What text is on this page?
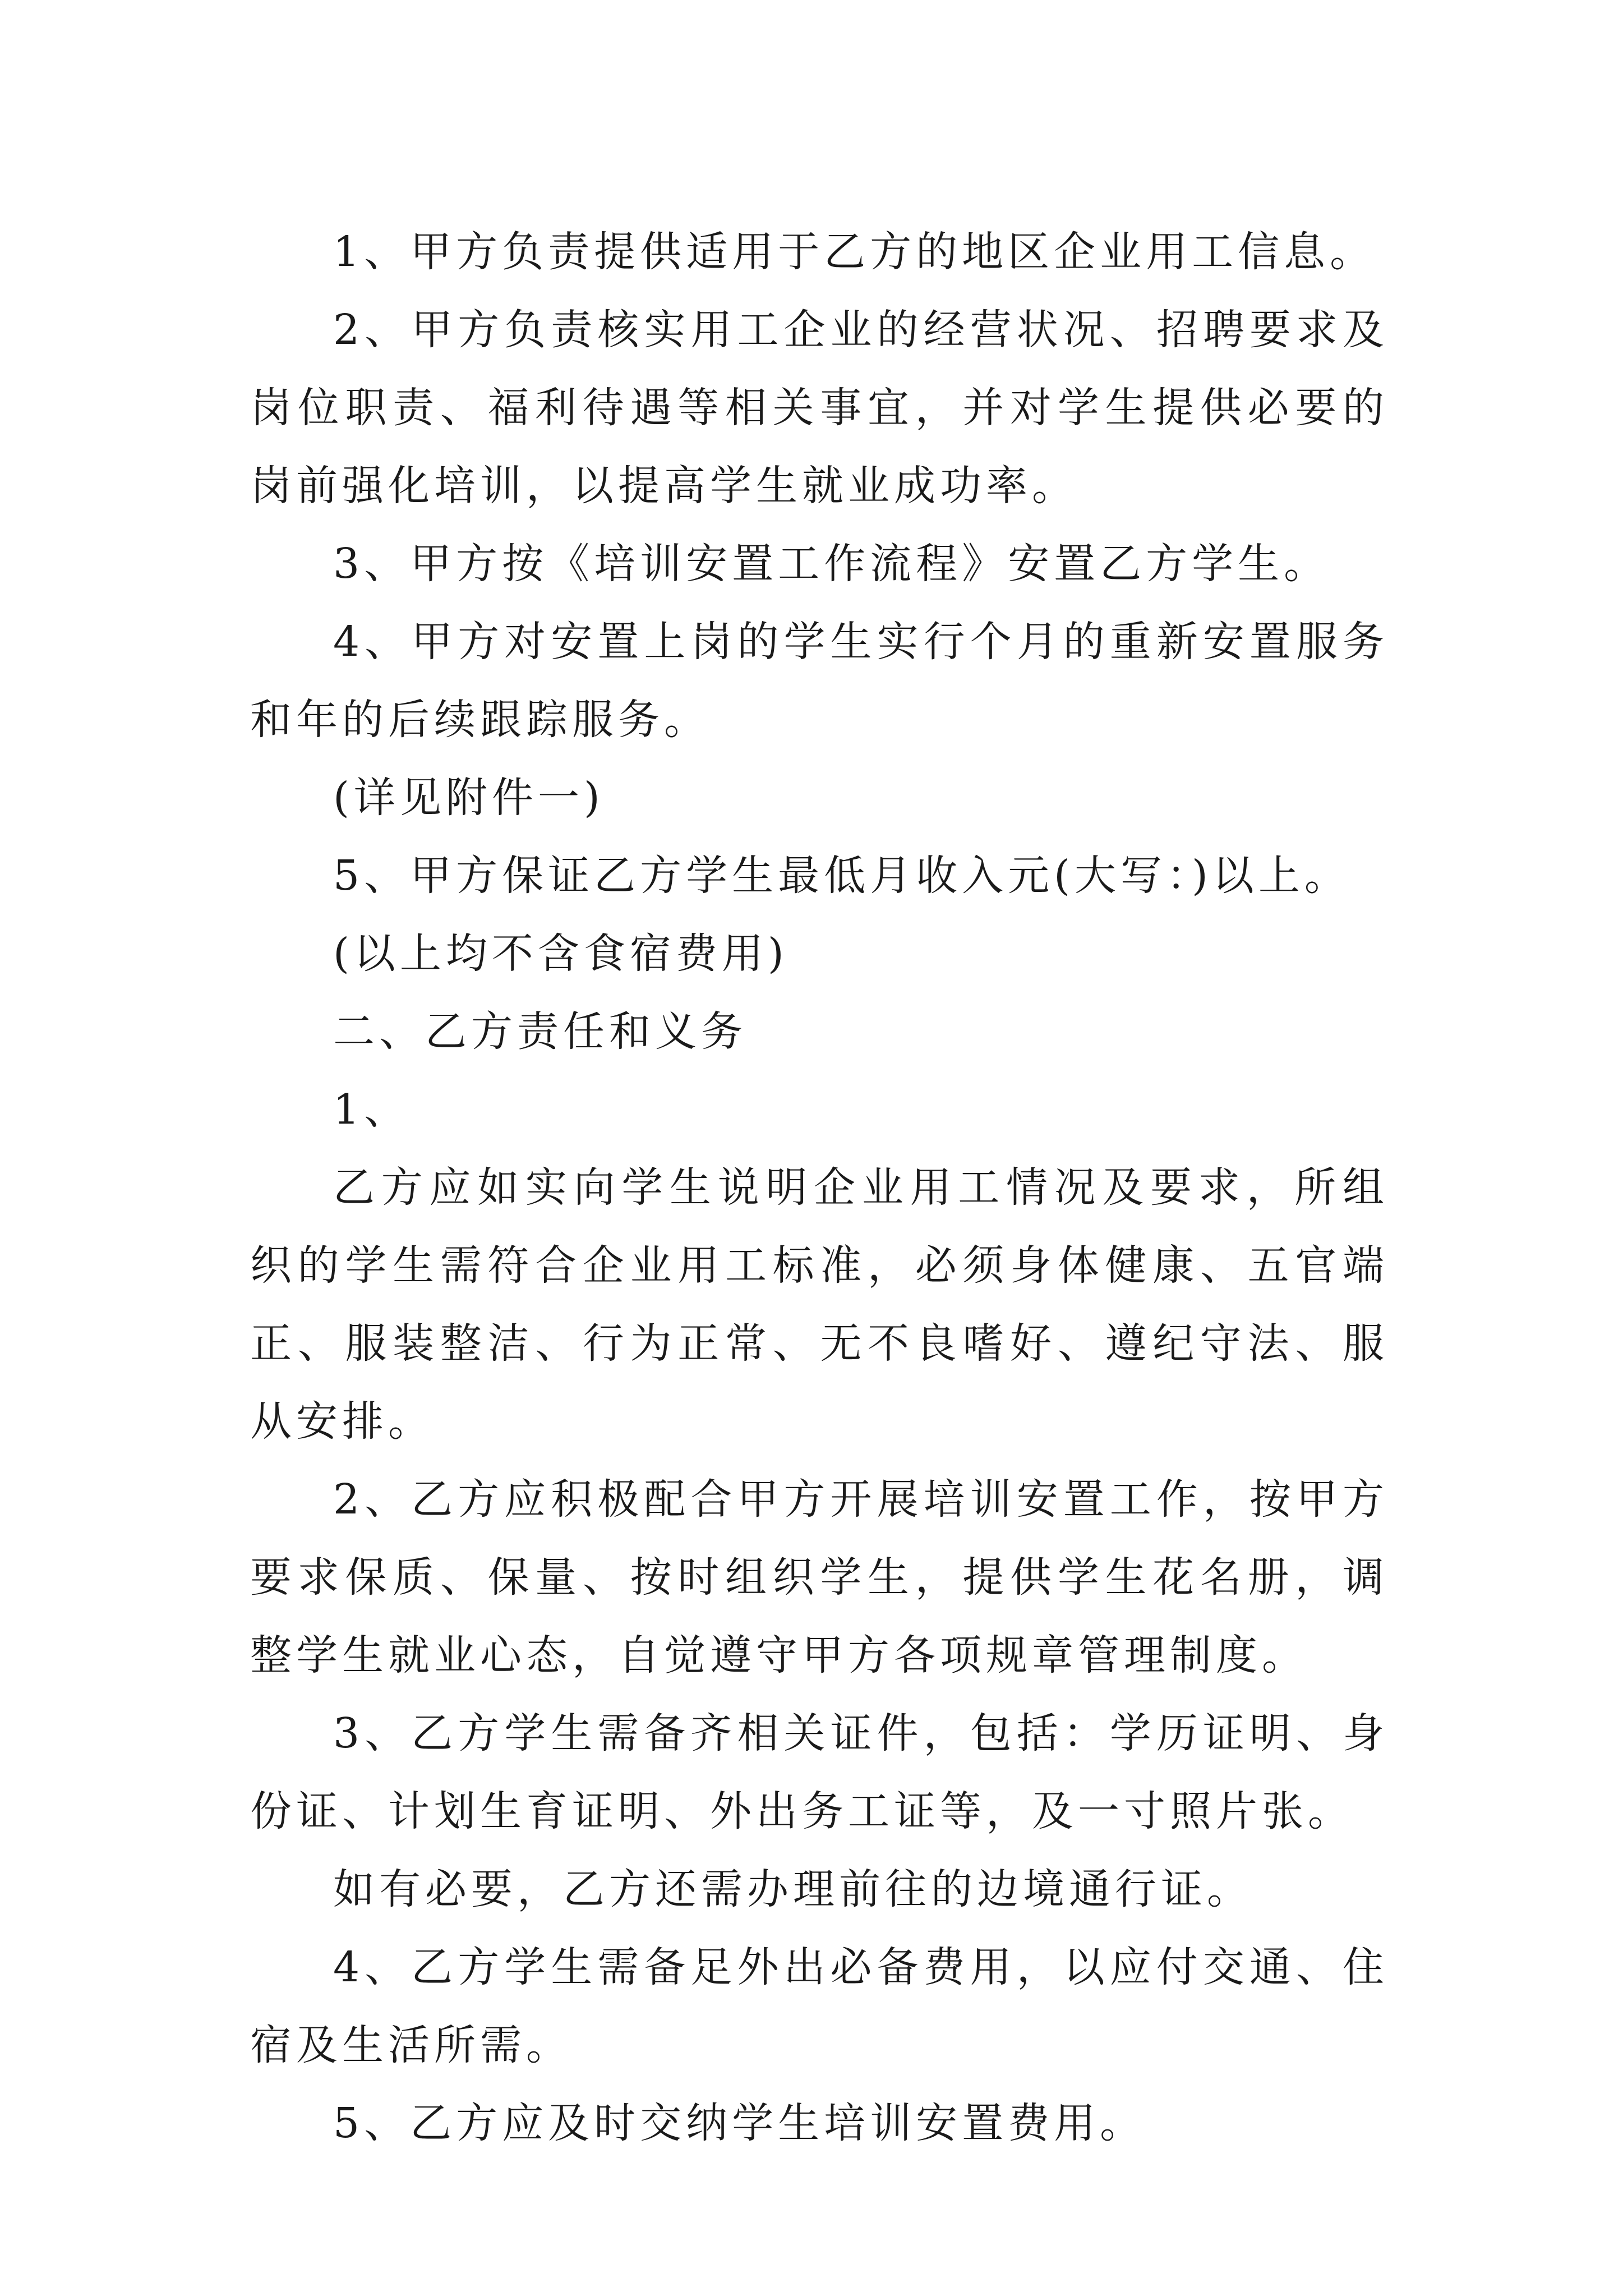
1、甲方负责提供适用于乙方的地区企业用工信息。

2、甲方负责核实用工企业的经营状况、招聘要求及岗位职责、福利待遇等相关事宜，并对学生提供必要的岗前强化培训，以提高学生就业成功率。

3、甲方按《培训安置工作流程》安置乙方学生。

4、甲方对安置上岗的学生实行个月的重新安置服务和年的后续跟踪服务。

(详见附件一)

5、甲方保证乙方学生最低月收入元(大写：)以上。

(以上均不含食宿费用)

二、乙方责任和义务

1、

乙方应如实向学生说明企业用工情况及要求，所组织的学生需符合企业用工标准，必须身体健康、五官端正、服装整洁、行为正常、无不良嗜好、遵纪守法、服从安排。

2、乙方应积极配合甲方开展培训安置工作，按甲方要求保质、保量、按时组织学生，提供学生花名册，调整学生就业心态，自觉遵守甲方各项规章管理制度。

3、乙方学生需备齐相关证件，包括：学历证明、身份证、计划生育证明、外出务工证等，及一寸照片张。

如有必要，乙方还需办理前往的边境通行证。

4、乙方学生需备足外出必备费用，以应付交通、住宿及生活所需。

5、乙方应及时交纳学生培训安置费用。
